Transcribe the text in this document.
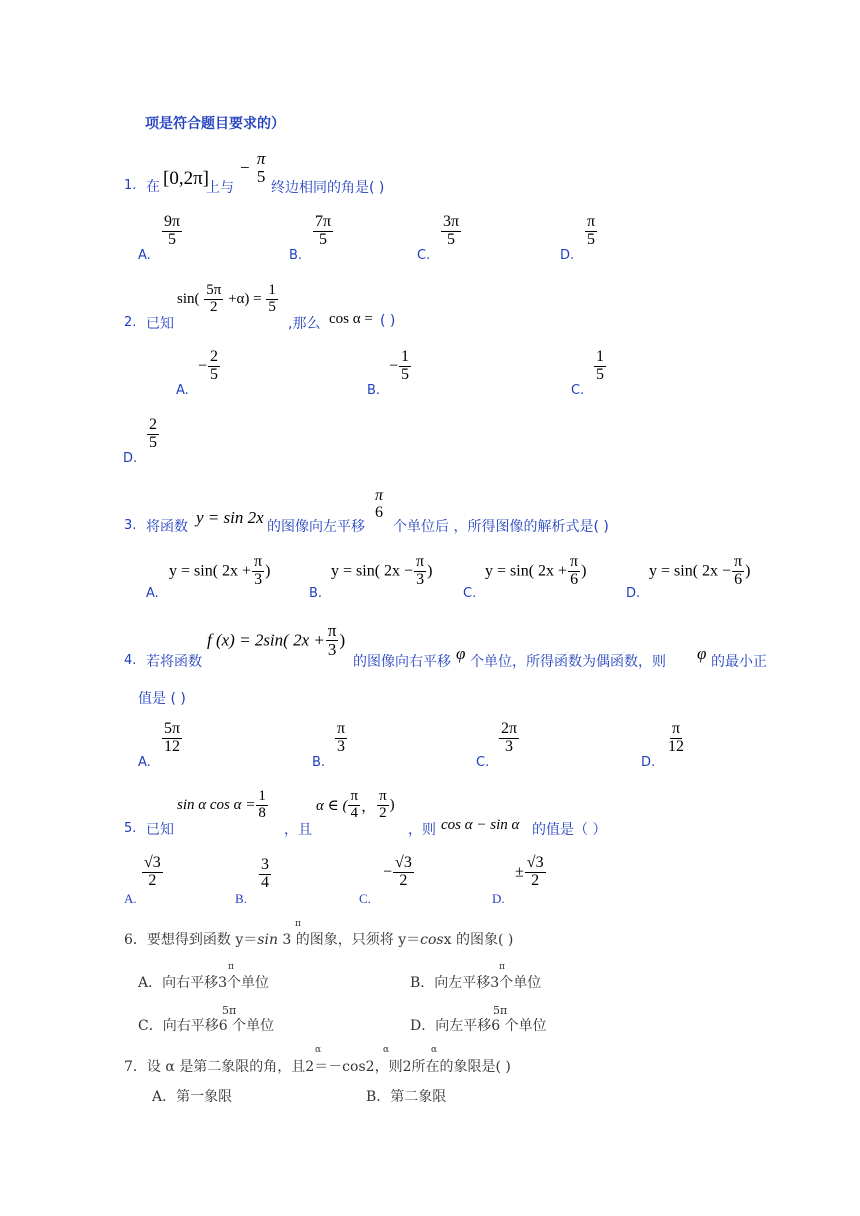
项是符合题目要求的）
1. 在 [0,2π]
上与
− π
5
终边相同的角是( )
A.
$\frac{9\pi}{5}$
B.
$\frac{7\pi}{5}$
C.
$\frac{3\pi}{5}$
D.
$\frac{\pi}{5}$
2. 已知
$\sin( \frac{5\pi}{2} +\alpha) = \frac{1}{5}$
,那么 cos α = ( )
A.
− $\frac{2}{5}$
B.
− $\frac{1}{5}$
C.
$\frac{1}{5}$
D.
$\frac{2}{5}$
3. 将函数 y = sin 2x 的图像向左平移
π
6
个单位后 ，所得图像的解析式是( )
A.
y = sin( $2x + \frac{\pi}{3}$ )
B.
y = sin( $2x - \frac{\pi}{3}$ )
C.
y = sin( $2x + \frac{\pi}{6}$ )
D.
y = sin( $2x - \frac{\pi}{6}$ )
4. 若将函数
f (x) = 2sin( $2x + \frac{\pi}{3}$ )
的图像向右平移 φ 个单位，所得函数为偶函数，则 φ 的最小正
值是 ( )
A.
$\frac{5\pi}{12}$
B.
$\frac{\pi}{3}$
C.
$\frac{2\pi}{3}$
D.
$\frac{\pi}{12}$
5. 已知
sin α $\cos \alpha = \frac{1}{8}$
，且
α ∈ ( $\frac{\pi}{4}$ ， $\frac{\pi}{2}$ )
，则 cos α − sin α 的值是（ ）
A.
$\frac{√3}{2}$
B.
$\frac{3}{4}$
C.
− $\frac{√3}{2}$
D.
± $\frac{√3}{2}$
π
6．要想得到函数 y＝sin 3 的图象，只须将 y＝cosx 的图象( )
π
A．向右平移3个单位
π
B．向左平移3个单位
5π
C．向右平移6 个单位
5π
D．向左平移6 个单位
α	α	α
7．设 α 是第二象限的角，且2＝－cos2，则2所在的象限是( )
A．第一象限	B．第二象限
